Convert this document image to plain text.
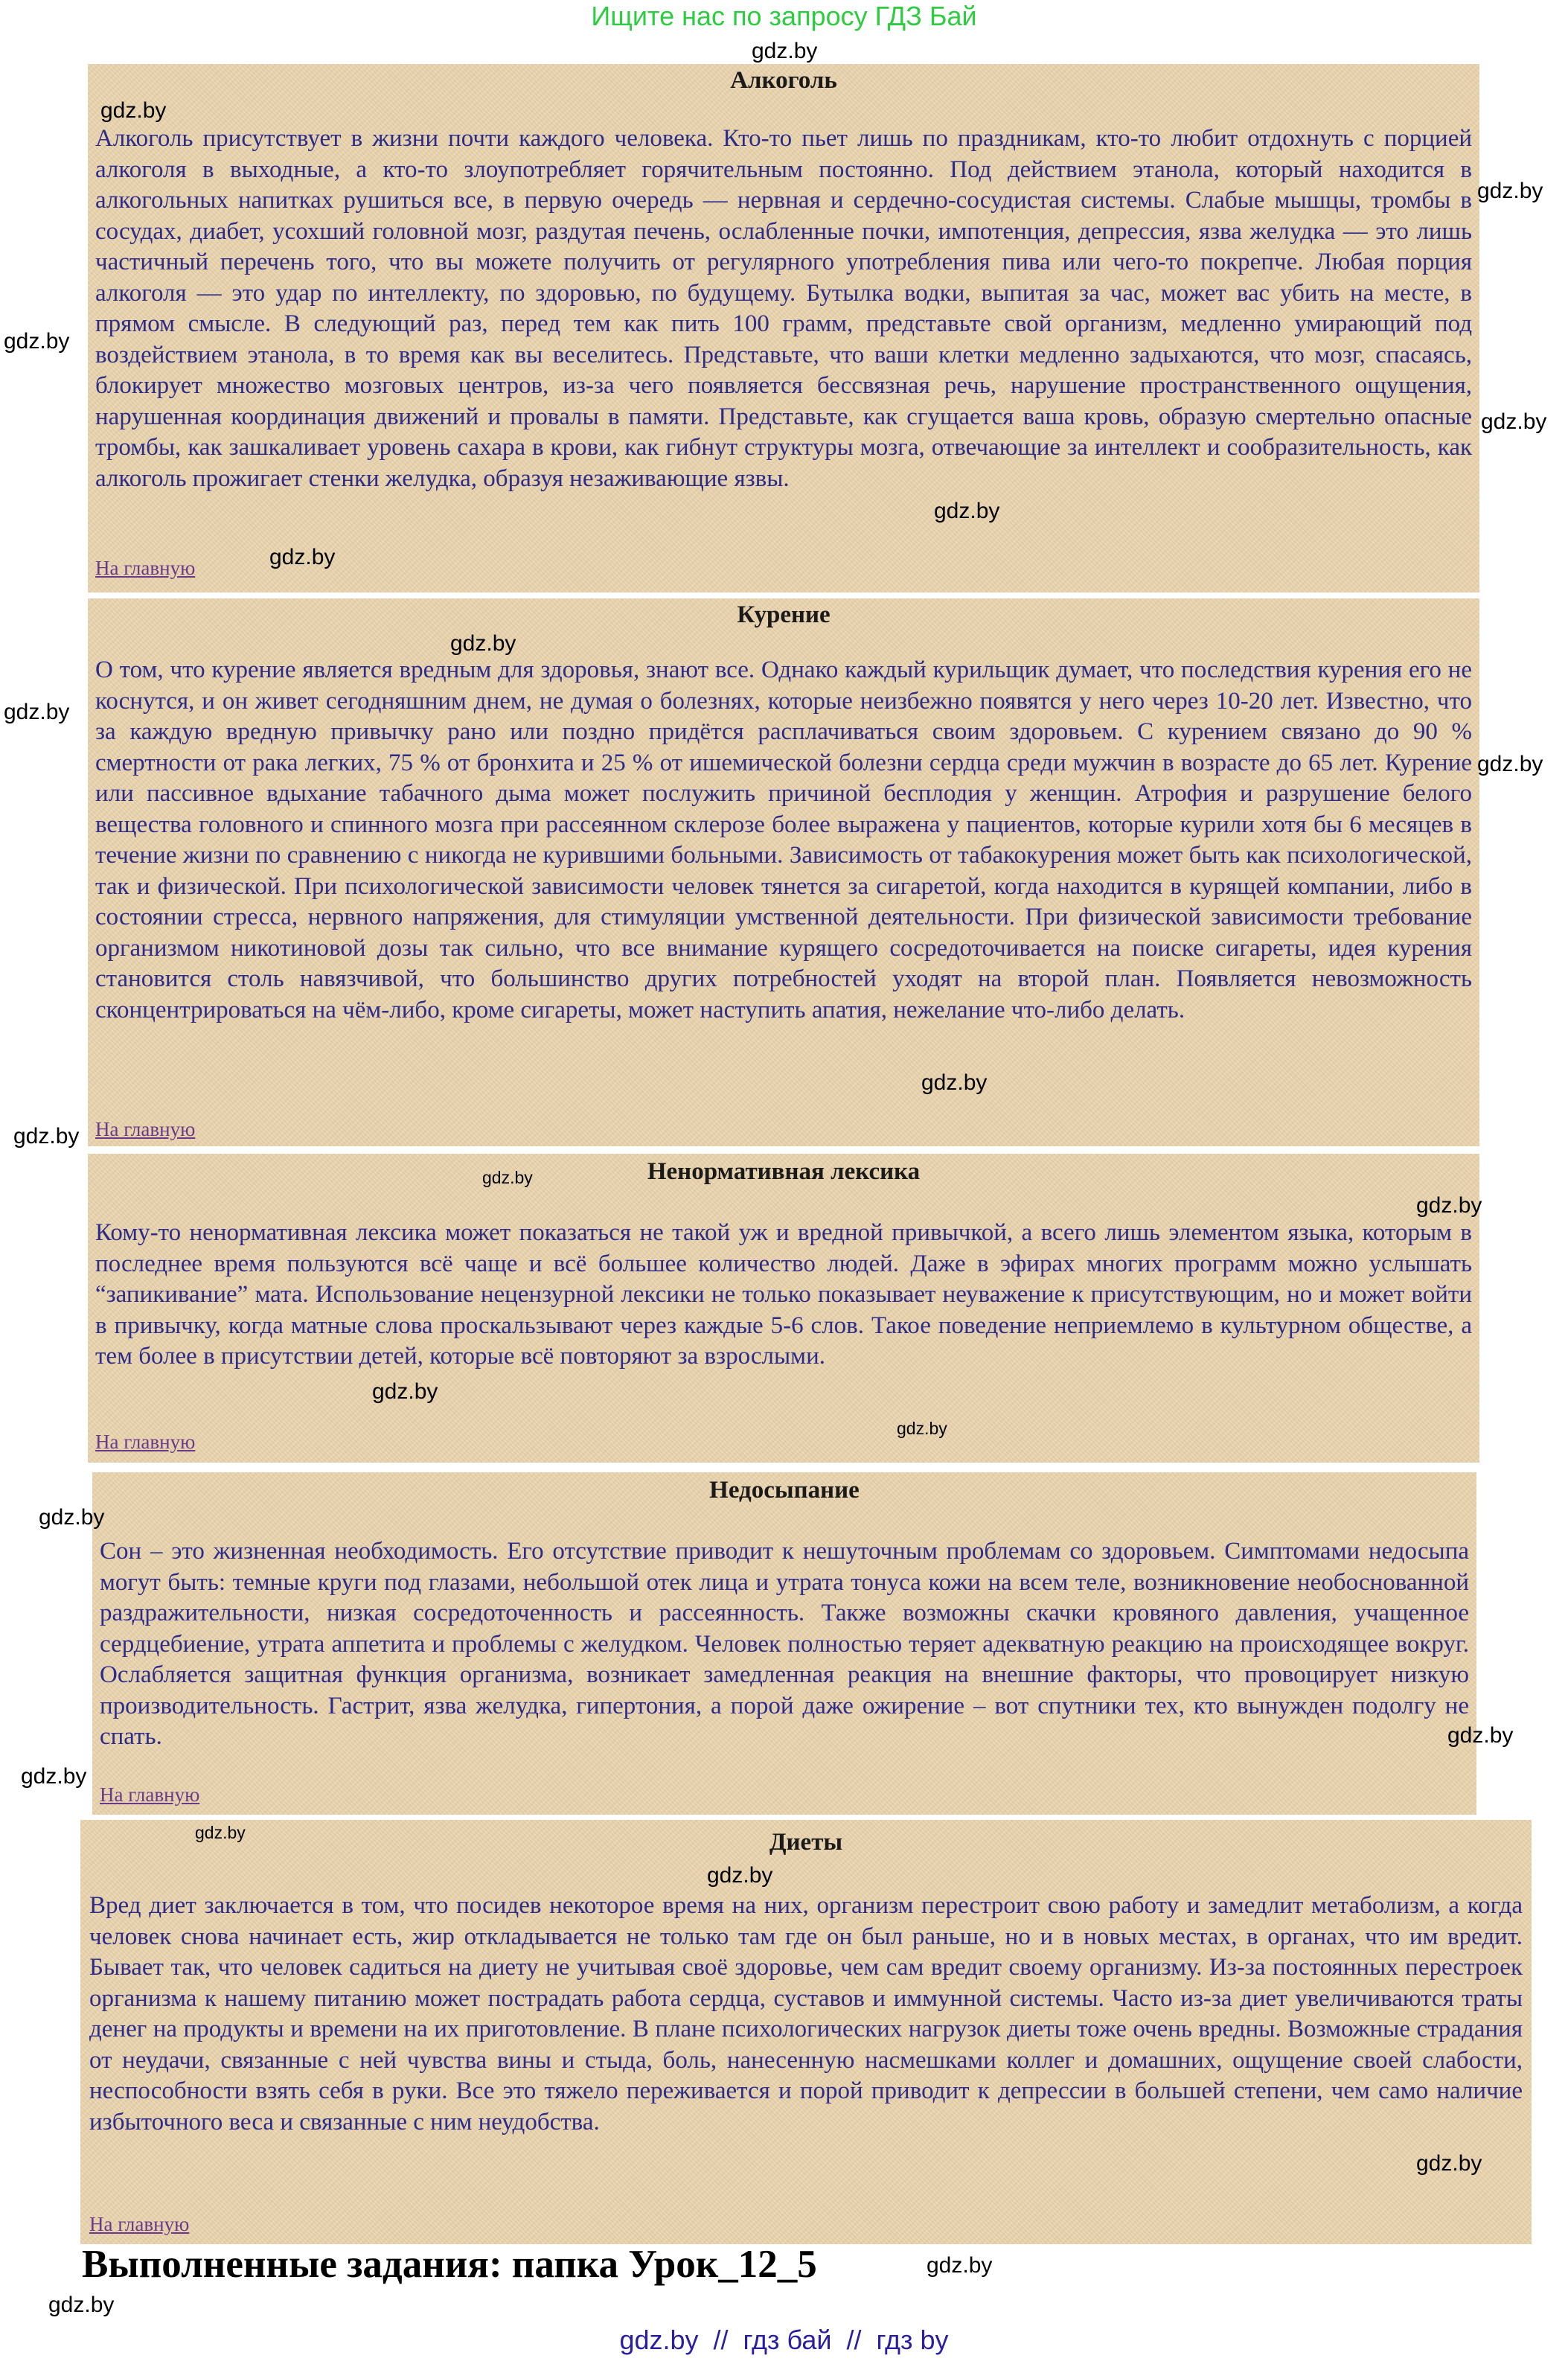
Ищите нас по запросу ГДЗ Бай
Алкоголь

Алкоголь присутствует в жизни почти каждого человека. Кто-то пьет лишь по праздникам, кто-то любит отдохнуть с порцией алкоголя в выходные, а кто-то злоупотребляет горячительным постоянно. Под действием этанола, который находится в алкогольных напитках рушиться все, в первую очередь — нервная и сердечно-сосудистая системы. Слабые мышцы, тромбы в сосудах, диабет, усохший головной мозг, раздутая печень, ослабленные почки, импотенция, депрессия, язва желудка — это лишь частичный перечень того, что вы можете получить от регулярного употребления пива или чего-то покрепче. Любая порция алкоголя — это удар по интеллекту, по здоровью, по будущему. Бутылка водки, выпитая за час, может вас убить на месте, в прямом смысле. В следующий раз, перед тем как пить 100 грамм, представьте свой организм, медленно умирающий под воздействием этанола, в то время как вы веселитесь. Представьте, что ваши клетки медленно задыхаются, что мозг, спасаясь, блокирует множество мозговых центров, из-за чего появляется бессвязная речь, нарушение пространственного ощущения, нарушенная координация движений и провалы в памяти. Представьте, как сгущается ваша кровь, образую смертельно опасные тромбы, как зашкаливает уровень сахара в крови, как гибнут структуры мозга, отвечающие за интеллект и сообразительность, как алкоголь прожигает стенки желудка, образуя незаживающие язвы.

На главную
Курение

О том, что курение является вредным для здоровья, знают все. Однако каждый курильщик думает, что последствия курения его не коснутся, и он живет сегодняшним днем, не думая о болезнях, которые неизбежно появятся у него через 10-20 лет. Известно, что за каждую вредную привычку рано или поздно придётся расплачиваться своим здоровьем. С курением связано до 90 % смертности от рака легких, 75 % от бронхита и 25 % от ишемической болезни сердца среди мужчин в возрасте до 65 лет. Курение или пассивное вдыхание табачного дыма может послужить причиной бесплодия у женщин. Атрофия и разрушение белого вещества головного и спинного мозга при рассеянном склерозе более выражена у пациентов, которые курили хотя бы 6 месяцев в течение жизни по сравнению с никогда не курившими больными. Зависимость от табакокурения может быть как психологической, так и физической. При психологической зависимости человек тянется за сигаретой, когда находится в курящей компании, либо в состоянии стресса, нервного напряжения, для стимуляции умственной деятельности. При физической зависимости требование организмом никотиновой дозы так сильно, что все внимание курящего сосредоточивается на поиске сигареты, идея курения становится столь навязчивой, что большинство других потребностей уходят на второй план. Появляется невозможность сконцентрироваться на чём-либо, кроме сигареты, может наступить апатия, нежелание что-либо делать.

На главную
Ненормативная лексика

Кому-то ненормативная лексика может показаться не такой уж и вредной привычкой, а всего лишь элементом языка, которым в последнее время пользуются всё чаще и всё большее количество людей. Даже в эфирах многих программ можно услышать “запикивание” мата. Использование нецензурной лексики не только показывает неуважение к присутствующим, но и может войти в привычку, когда матные слова проскальзывают через каждые 5-6 слов. Такое поведение неприемлемо в культурном обществе, а тем более в присутствии детей, которые всё повторяют за взрослыми.

На главную
Недосыпание

Сон – это жизненная необходимость. Его отсутствие приводит к нешуточным проблемам со здоровьем. Симптомами недосыпа могут быть: темные круги под глазами, небольшой отек лица и утрата тонуса кожи на всем теле, возникновение необоснованной раздражительности, низкая сосредоточенность и рассеянность. Также возможны скачки кровяного давления, учащенное сердцебиение, утрата аппетита и проблемы с желудком. Человек полностью теряет адекватную реакцию на происходящее вокруг. Ослабляется защитная функция организма, возникает замедленная реакция на внешние факторы, что провоцирует низкую производительность. Гастрит, язва желудка, гипертония, а порой даже ожирение – вот спутники тех, кто вынужден подолгу не спать.

На главную
Диеты

Вред диет заключается в том, что посидев некоторое время на них, организм перестроит свою работу и замедлит метаболизм, а когда человек снова начинает есть, жир откладывается не только там где он был раньше, но и в новых местах, в органах, что им вредит. Бывает так, что человек садиться на диету не учитывая своё здоровье, чем сам вредит своему организму. Из-за постоянных перестроек организма к нашему питанию может пострадать работа сердца, суставов и иммунной системы. Часто из-за диет увеличиваются траты денег на продукты и времени на их приготовление. В плане психологических нагрузок диеты тоже очень вредны. Возможные страдания от неудачи, связанные с ней чувства вины и стыда, боль, нанесенную насмешками коллег и домашних, ощущение своей слабости, неспособности взять себя в руки. Все это тяжело переживается и порой приводит к депрессии в большей степени, чем само наличие избыточного веса и связанные с ним неудобства.

На главную
gdz.by
gdz.by
gdz.by
gdz.by
gdz.by
gdz.by
gdz.by
gdz.by
gdz.by
gdz.by
gdz.by
gdz.by
gdz.by
gdz.by
gdz.by
gdz.by
gdz.by
gdz.by
gdz.by
gdz.by
gdz.by
gdz.by
gdz.by
gdz.by
Выполненные задания: папка Урок_12_5
gdz.by  //  гдз бай  //  гдз by
